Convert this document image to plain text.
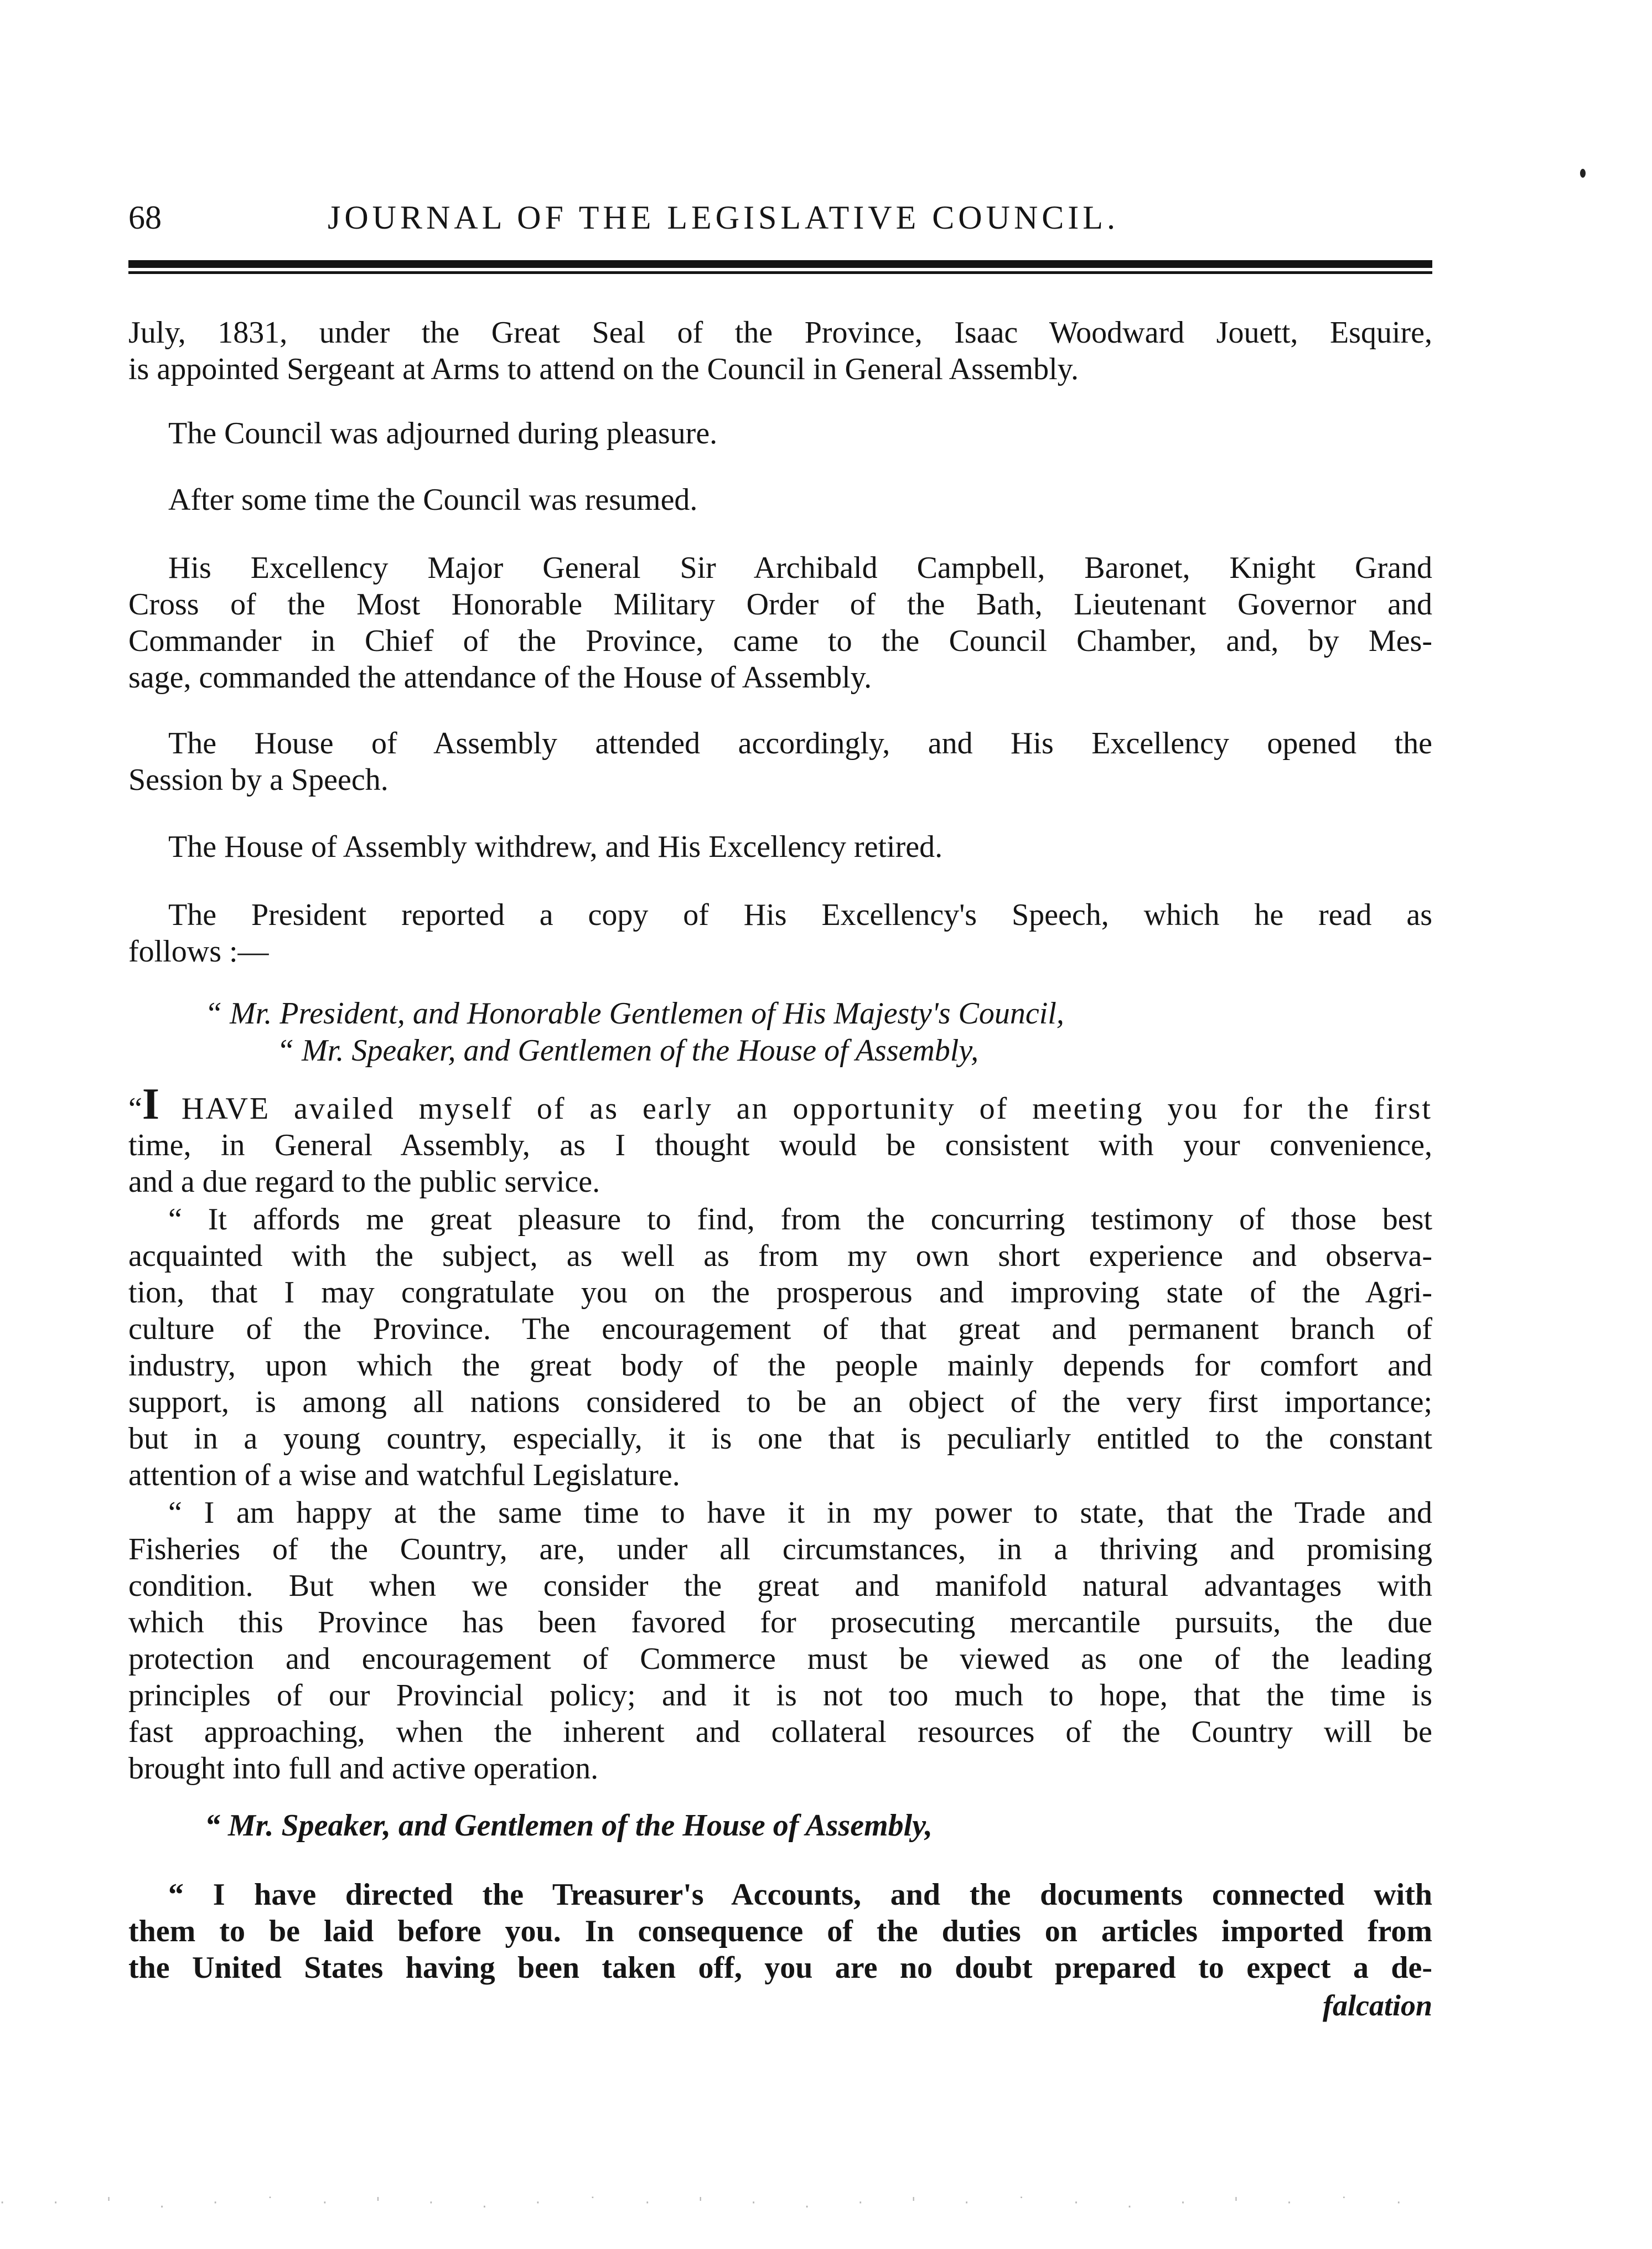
68	JOURNAL OF THE LEGISLATIVE COUNCIL.

July, 1831, under the Great Seal of the Province, Isaac Woodward Jouett, Esquire,
is appointed Sergeant at Arms to attend on the Council in General Assembly.

The Council was adjourned during pleasure.

After some time the Council was resumed.

His Excellency Major General Sir Archibald Campbell, Baronet, Knight Grand
Cross of the Most Honorable Military Order of the Bath, Lieutenant Governor and
Commander in Chief of the Province, came to the Council Chamber, and, by Mes-
sage, commanded the attendance of the House of Assembly.

The House of Assembly attended accordingly, and His Excellency opened the
Session by a Speech.

The House of Assembly withdrew, and His Excellency retired.

The President reported a copy of His Excellency's Speech, which he read as
follows :—

“ Mr. President, and Honorable Gentlemen of His Majesty's Council,

“ Mr. Speaker, and Gentlemen of the House of Assembly,

“I HAVE availed myself of as early an opportunity of meeting you for the first
time, in General Assembly, as I thought would be consistent with your convenience,
and a due regard to the public service.

“ It affords me great pleasure to find, from the concurring testimony of those best
acquainted with the subject, as well as from my own short experience and observa-
tion, that I may congratulate you on the prosperous and improving state of the Agri-
culture of the Province. The encouragement of that great and permanent branch of
industry, upon which the great body of the people mainly depends for comfort and
support, is among all nations considered to be an object of the very first importance;
but in a young country, especially, it is one that is peculiarly entitled to the constant
attention of a wise and watchful Legislature.

“ I am happy at the same time to have it in my power to state, that the Trade and
Fisheries of the Country, are, under all circumstances, in a thriving and promising
condition. But when we consider the great and manifold natural advantages with
which this Province has been favored for prosecuting mercantile pursuits, the due
protection and encouragement of Commerce must be viewed as one of the leading
principles of our Provincial policy; and it is not too much to hope, that the time is
fast approaching, when the inherent and collateral resources of the Country will be
brought into full and active operation.

“ Mr. Speaker, and Gentlemen of the House of Assembly,

“ I have directed the Treasurer's Accounts, and the documents connected with
them to be laid before you. In consequence of the duties on articles imported from
the United States having been taken off, you are no doubt prepared to expect a de-

falcation
· · ' . · ˙ · ' · . · ˙ · ' · . · ' · ˙ · . · ' · ˙ ·
